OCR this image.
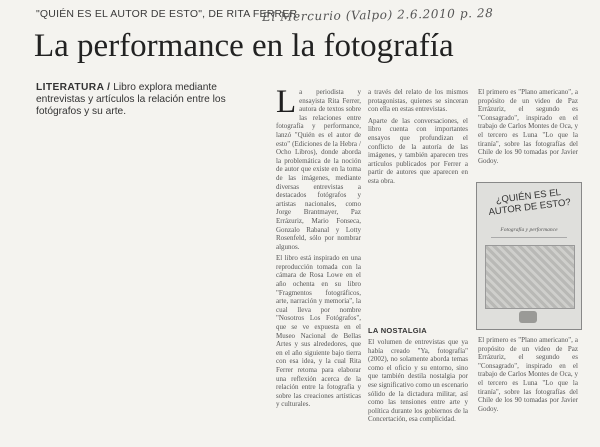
"QUIÉN ES EL AUTOR DE ESTO", DE RITA FERRER
El Mercurio (Valpo) 2.6.2010 p. 28
La performance en la fotografía
LITERATURA / Libro explora mediante entrevistas y artículos la relación entre los fotógrafos y su arte.	L a periodista y ensayista Rita Ferrer, autora de textos sobre las relaciones entre fotografía y performance, lanzó "Quién es el autor de esto" (Ediciones de la Hebra / Ocho Libros), donde aborda la problemática de la noción de autor que existe en la toma de las imágenes, mediante diversas entrevistas a destacados fotógrafos y artistas nacionales, como Jorge Brantmayer, Paz Errázuriz, Mario Fonseca, Gonzalo Rabanal y Lotty Rosenfeld, sólo por nombrar algunos.

El libro está inspirado en una reproducción tomada con la cámara de Rosa Lowe en el año ochenta en su libro "Fragmentos fotográficos, arte, narración y memoria", la cual lleva por nombre "Nosotros Los Fotógrafos", que se ve expuesta en el Museo Nacional de Bellas Artes y sus alrededores, que en el año siguiente bajo tierra con esa idea, y la cual Rita Ferrer retoma para elaborar una reflexión acerca de la relación entre la fotografía y sobre las creaciones artísticas y culturales.

a través del relato de los mismos protagonistas, quienes se sinceran con ella en estas entrevistas.

Aparte de las conversaciones, el libro cuenta con importantes ensayos que profundizan el conflicto de la autoría de las imágenes, y también aparecen tres artículos publicados por Ferrer a partir de autores que aparecen en esta obra.

El primero es "Plano americano", a propósito de un video de Paz Errázuriz, el segundo es "Consagrado", inspirado en el trabajo de Carlos Montes de Oca, y el tercero es Luna "Lo que la tiranía", sobre las fotografías del Chile de los 90 tomadas por Javier Godoy.

¿QUIÉN ES EL AUTOR DE ESTO?
Fotografía y performance
LA NOSTALGIA

El volumen de entrevistas que ya había creado "Ya, fotografía" (2002), no solamente aborda temas como el oficio y su entorno, sino que también destila nostalgia por ese significativo como un escenario sólido de la dictadura militar, así como las tensiones entre arte y política durante los gobiernos de la Concertación, esa complicidad.

El primero es "Plano americano", a propósito de un video de Paz Errázuriz, el segundo es "Consagrado", inspirado en el trabajo de Carlos Montes de Oca, y el tercero es Luna "Lo que la tiranía", sobre las fotografías del Chile de los 90 tomadas por Javier Godoy.
